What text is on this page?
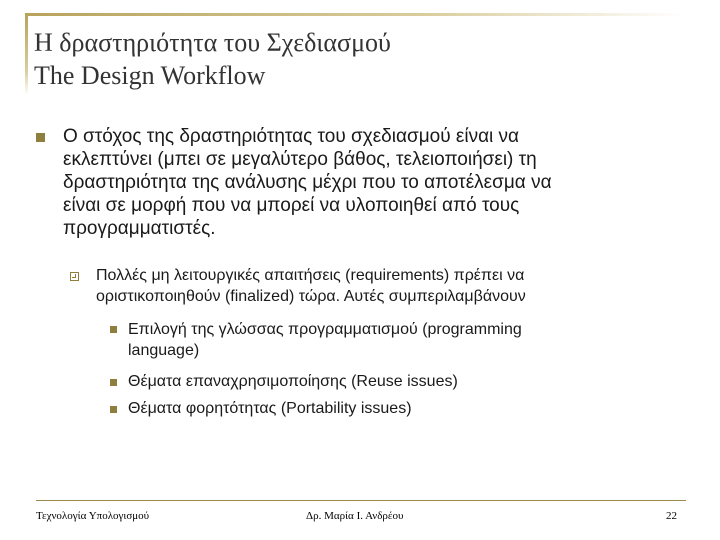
Η δραστηριότητα του Σχεδιασμού
The Design Workflow
Ο στόχος της δραστηριότητας του σχεδιασμού είναι να
εκλεπτύνει (μπει σε μεγαλύτερο βάθος, τελειοποιήσει) τη
δραστηριότητα της ανάλυσης μέχρι που το αποτέλεσμα να
είναι σε μορφή που να μπορεί να υλοποιηθεί από τους
προγραμματιστές.
Πολλές μη λειτουργικές απαιτήσεις (requirements) πρέπει να
οριστικοποιηθούν (finalized) τώρα. Αυτές συμπεριλαμβάνουν
Επιλογή της γλώσσας προγραμματισμού (programming
language)
Θέματα επαναχρησιμοποίησης (Reuse issues)
Θέματα φορητότητας (Portability issues)
Τεχνολογία Υπολογισμού	Δρ. Μαρία Ι. Ανδρέου	22
